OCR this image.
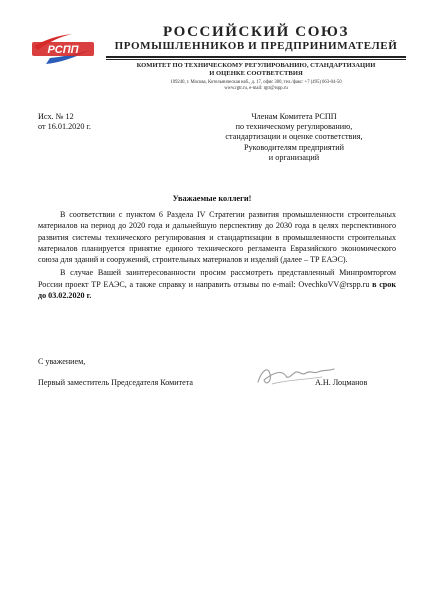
РСПП
РОССИЙСКИЙ СОЮЗ
ПРОМЫШЛЕННИКОВ И ПРЕДПРИНИМАТЕЛЕЙ
КОМИТЕТ ПО ТЕХНИЧЕСКОМУ РЕГУЛИРОВАНИЮ, СТАНДАРТИЗАЦИИ
И ОЦЕНКЕ СООТВЕТСТВИЯ
109240, г. Москва, Котельническая наб., д. 17, офис 300, тел./факс: +7 (495) 663-04-50
www.rgtr.ru, e-mail: rgtr@rspp.ru
Исх. № 12
от 16.01.2020 г.
Членам Комитета РСПП
по техническому регулированию,
стандартизации и оценке соответствия,
Руководителям предприятий
и организаций
Уважаемые коллеги!

В соответствии с пунктом 6 Раздела IV Стратегии развития промышленности строительных материалов на период до 2020 года и дальнейшую перспективу до 2030 года в целях перспективного развития системы технического регулирования и стандартизации в промышленности строительных материалов планируется принятие единого технического регламента Евразийского экономического союза для зданий и сооружений, строительных материалов и изделий (далее – ТР ЕАЭС).

В случае Вашей заинтересованности просим рассмотреть представленный Минпромторгом России проект ТР ЕАЭС, а также справку и направить отзывы по e-mail: OvechkoVV@rspp.ru в срок до 03.02.2020 г.

С уважением,
Первый заместитель Председателя Комитета	А.Н. Лоцманов
